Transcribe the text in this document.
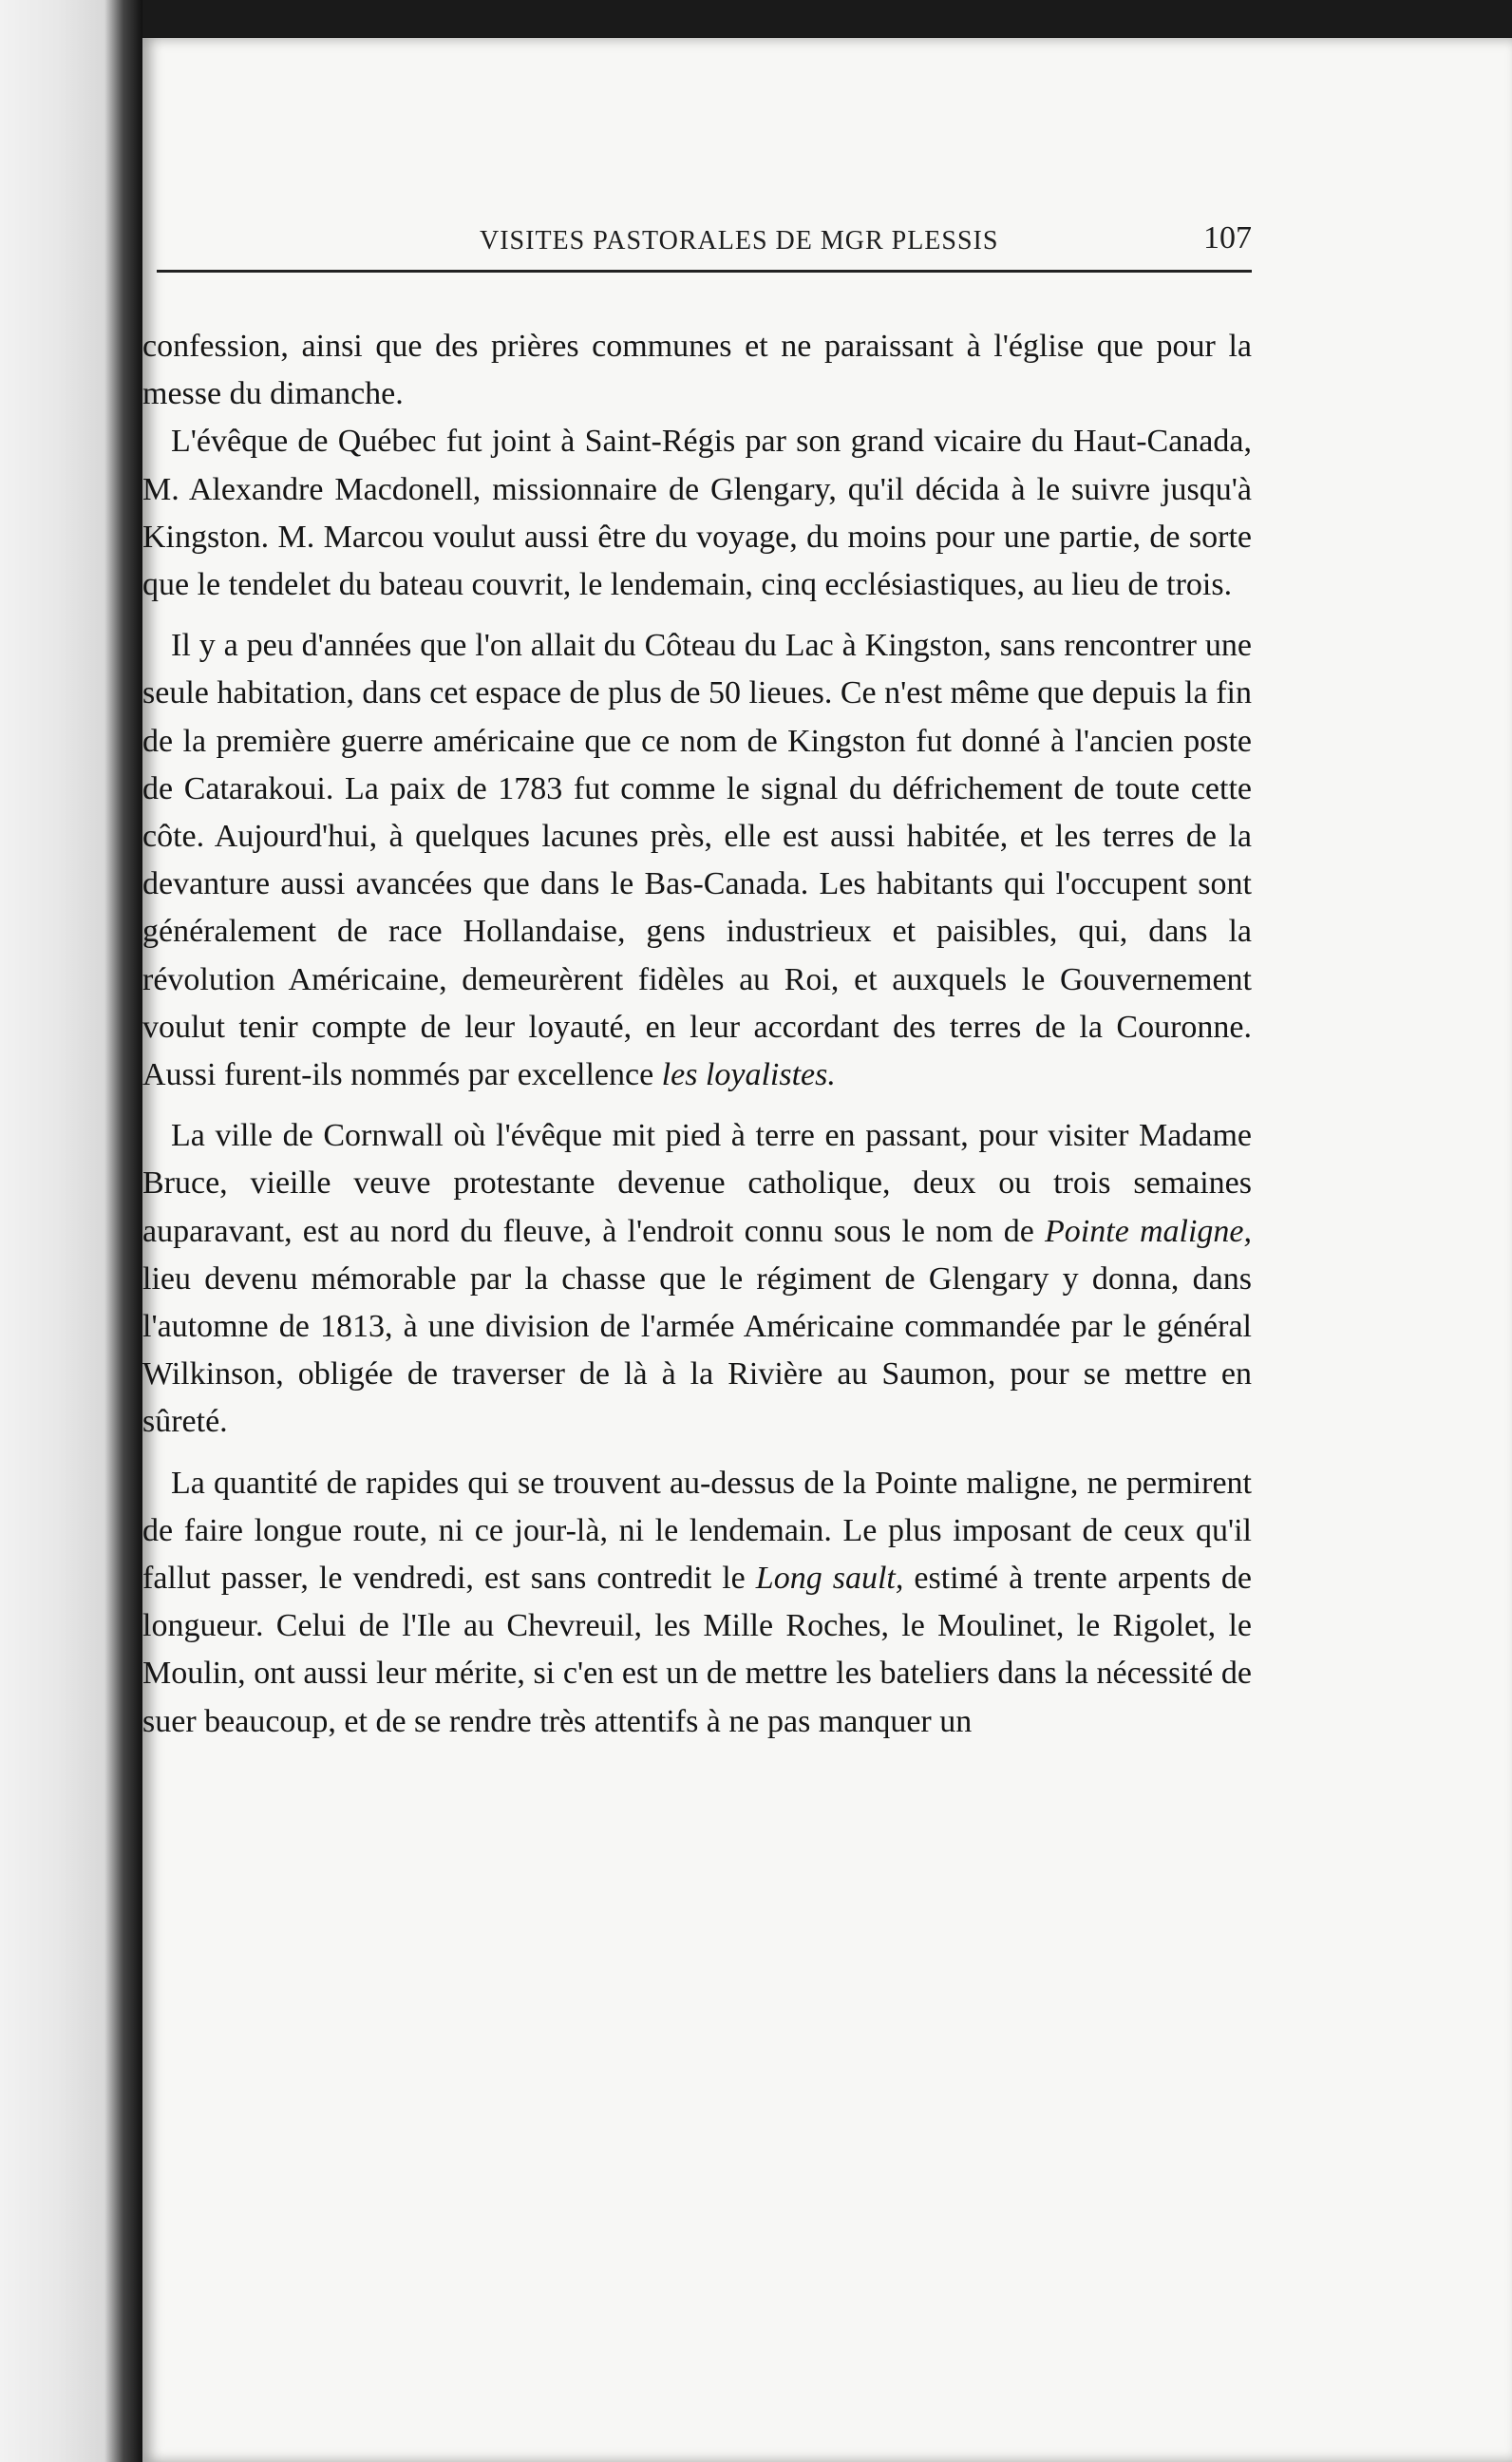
VISITES PASTORALES DE MGR PLESSIS	107

confession, ainsi que des prières communes et ne paraissant à l'église que pour la messe du dimanche.

L'évêque de Québec fut joint à Saint-Régis par son grand vicaire du Haut-Canada, M. Alexandre Macdonell, missionnaire de Glengary, qu'il décida à le suivre jusqu'à Kingston. M. Marcou voulut aussi être du voyage, du moins pour une partie, de sorte que le tendelet du bateau couvrit, le lendemain, cinq ecclésiastiques, au lieu de trois.

Il y a peu d'années que l'on allait du Côteau du Lac à Kingston, sans rencontrer une seule habitation, dans cet espace de plus de 50 lieues. Ce n'est même que depuis la fin de la première guerre américaine que ce nom de Kingston fut donné à l'ancien poste de Catarakoui. La paix de 1783 fut comme le signal du défrichement de toute cette côte. Aujourd'hui, à quelques lacunes près, elle est aussi habitée, et les terres de la devanture aussi avancées que dans le Bas-Canada. Les habitants qui l'occupent sont généralement de race Hollandaise, gens industrieux et paisibles, qui, dans la révolution Américaine, demeurèrent fidèles au Roi, et auxquels le Gouvernement voulut tenir compte de leur loyauté, en leur accordant des terres de la Couronne. Aussi furent-ils nommés par excellence les loyalistes.

La ville de Cornwall où l'évêque mit pied à terre en passant, pour visiter Madame Bruce, vieille veuve protestante devenue catholique, deux ou trois semaines auparavant, est au nord du fleuve, à l'endroit connu sous le nom de Pointe maligne, lieu devenu mémorable par la chasse que le régiment de Glengary y donna, dans l'automne de 1813, à une division de l'armée Américaine commandée par le général Wilkinson, obligée de traverser de là à la Rivière au Saumon, pour se mettre en sûreté.

La quantité de rapides qui se trouvent au-dessus de la Pointe maligne, ne permirent de faire longue route, ni ce jour-là, ni le lendemain. Le plus imposant de ceux qu'il fallut passer, le vendredi, est sans contredit le Long sault, estimé à trente arpents de longueur. Celui de l'Ile au Chevreuil, les Mille Roches, le Moulinet, le Rigolet, le Moulin, ont aussi leur mérite, si c'en est un de mettre les bateliers dans la nécessité de suer beaucoup, et de se rendre très attentifs à ne pas manquer un
